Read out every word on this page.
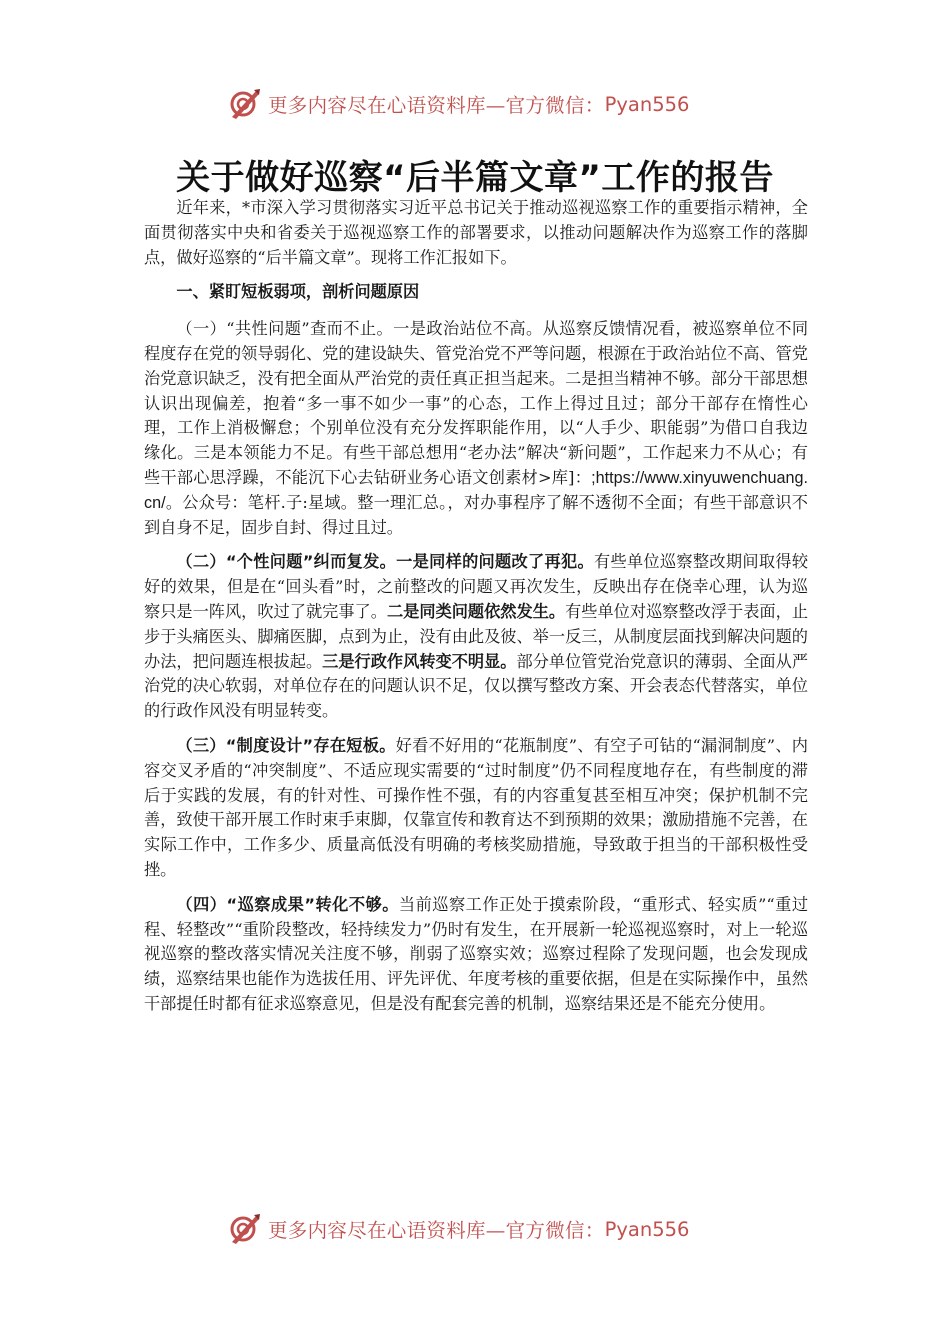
更多内容尽在心语资料库—官方微信： Pyan556
关于做好巡察“后半篇文章”工作的报告

近年来，*市深入学习贯彻落实习近平总书记关于推动巡视巡察工作的重要指示精神，全面贯彻落实中央和省委关于巡视巡察工作的部署要求，以推动问题解决作为巡察工作的落脚点，做好巡察的“后半篇文章”。现将工作汇报如下。

一、紧盯短板弱项，剖析问题原因

（一）“共性问题”查而不止。一是政治站位不高。从巡察反馈情况看，被巡察单位不同程度存在党的领导弱化、党的建设缺失、管党治党不严等问题，根源在于政治站位不高、管党治党意识缺乏，没有把全面从严治党的责任真正担当起来。二是担当精神不够。部分干部思想认识出现偏差，抱着“多一事不如少一事”的心态，工作上得过且过；部分干部存在惰性心理，工作上消极懈怠；个别单位没有充分发挥职能作用，以“人手少、职能弱”为借口自我边缘化。三是本领能力不足。有些干部总想用“老办法”解决“新问题”，工作起来力不从心；有些干部心思浮躁，不能沉下心去钻研业务心语文创素材>库]：;https://www.xinyuwenchuang.cn/。公众号：笔杆.子:星域。整一理汇总。，对办事程序了解不透彻不全面；有些干部意识不到自身不足，固步自封、得过且过。

（二）“个性问题”纠而复发。一是同样的问题改了再犯。有些单位巡察整改期间取得较好的效果，但是在“回头看”时，之前整改的问题又再次发生，反映出存在侥幸心理，认为巡察只是一阵风，吹过了就完事了。二是同类问题依然发生。有些单位对巡察整改浮于表面，止步于头痛医头、脚痛医脚，点到为止，没有由此及彼、举一反三，从制度层面找到解决问题的办法，把问题连根拔起。三是行政作风转变不明显。部分单位管党治党意识的薄弱、全面从严治党的决心软弱，对单位存在的问题认识不足，仅以撰写整改方案、开会表态代替落实，单位的行政作风没有明显转变。

（三）“制度设计”存在短板。好看不好用的“花瓶制度”、有空子可钻的“漏洞制度”、内容交叉矛盾的“冲突制度”、不适应现实需要的“过时制度”仍不同程度地存在，有些制度的滞后于实践的发展，有的针对性、可操作性不强，有的内容重复甚至相互冲突；保护机制不完善，致使干部开展工作时束手束脚，仅靠宣传和教育达不到预期的效果；激励措施不完善，在实际工作中，工作多少、质量高低没有明确的考核奖励措施，导致敢于担当的干部积极性受挫。

（四）“巡察成果”转化不够。当前巡察工作正处于摸索阶段，“重形式、轻实质”“重过程、轻整改”“重阶段整改，轻持续发力”仍时有发生，在开展新一轮巡视巡察时，对上一轮巡视巡察的整改落实情况关注度不够，削弱了巡察实效；巡察过程除了发现问题，也会发现成绩，巡察结果也能作为选拔任用、评先评优、年度考核的重要依据，但是在实际操作中，虽然干部提任时都有征求巡察意见，但是没有配套完善的机制，巡察结果还是不能充分使用。

更多内容尽在心语资料库—官方微信： Pyan556
